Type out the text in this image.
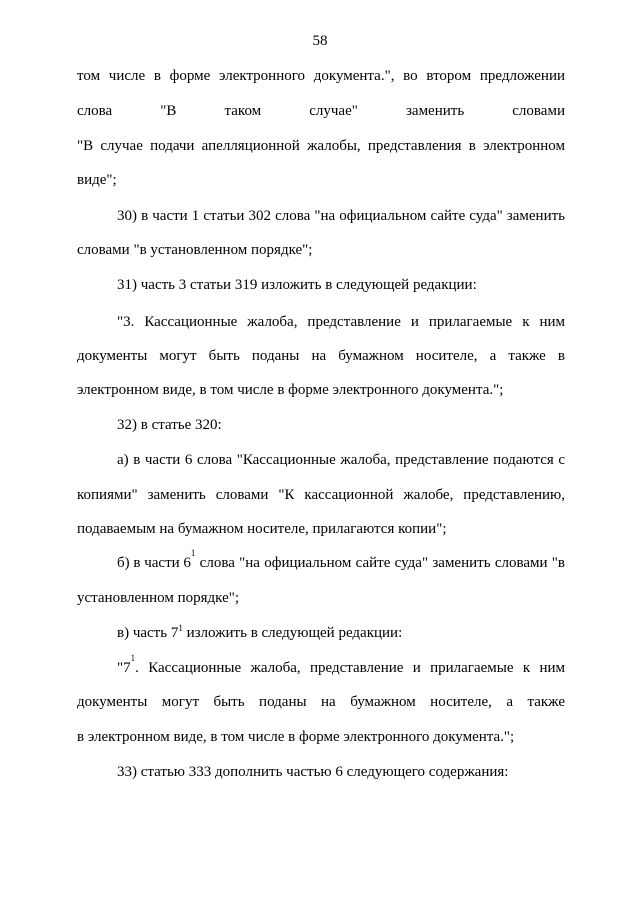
58
том числе в форме электронного документа.", во втором предложении
слова	"В	таком	случае"	заменить	словами
"В случае подачи апелляционной жалобы, представления в электронном
виде";
30) в части 1 статьи 302 слова "на официальном сайте суда" заменить
словами "в установленном порядке";
31) часть 3 статьи 319 изложить в следующей редакции:
"3. Кассационные жалоба, представление и прилагаемые к ним
документы могут быть поданы на бумажном носителе, а также в
электронном виде, в том числе в форме электронного документа.";
32) в статье 320:
а) в части 6 слова "Кассационные жалоба, представление подаются с
копиями" заменить словами "К кассационной жалобе, представлению,
подаваемым на бумажном носителе, прилагаются копии";
б) в части 6
1
слова "на официальном сайте суда" заменить словами "в
установленном порядке";
в) часть $7^1$ изложить в следующей редакции:
"7
1
. Кассационные жалоба, представление и прилагаемые к ним
документы могут быть поданы на бумажном носителе, а также
в электронном виде, в том числе в форме электронного документа.";
33) статью 333 дополнить частью 6 следующего содержания:
